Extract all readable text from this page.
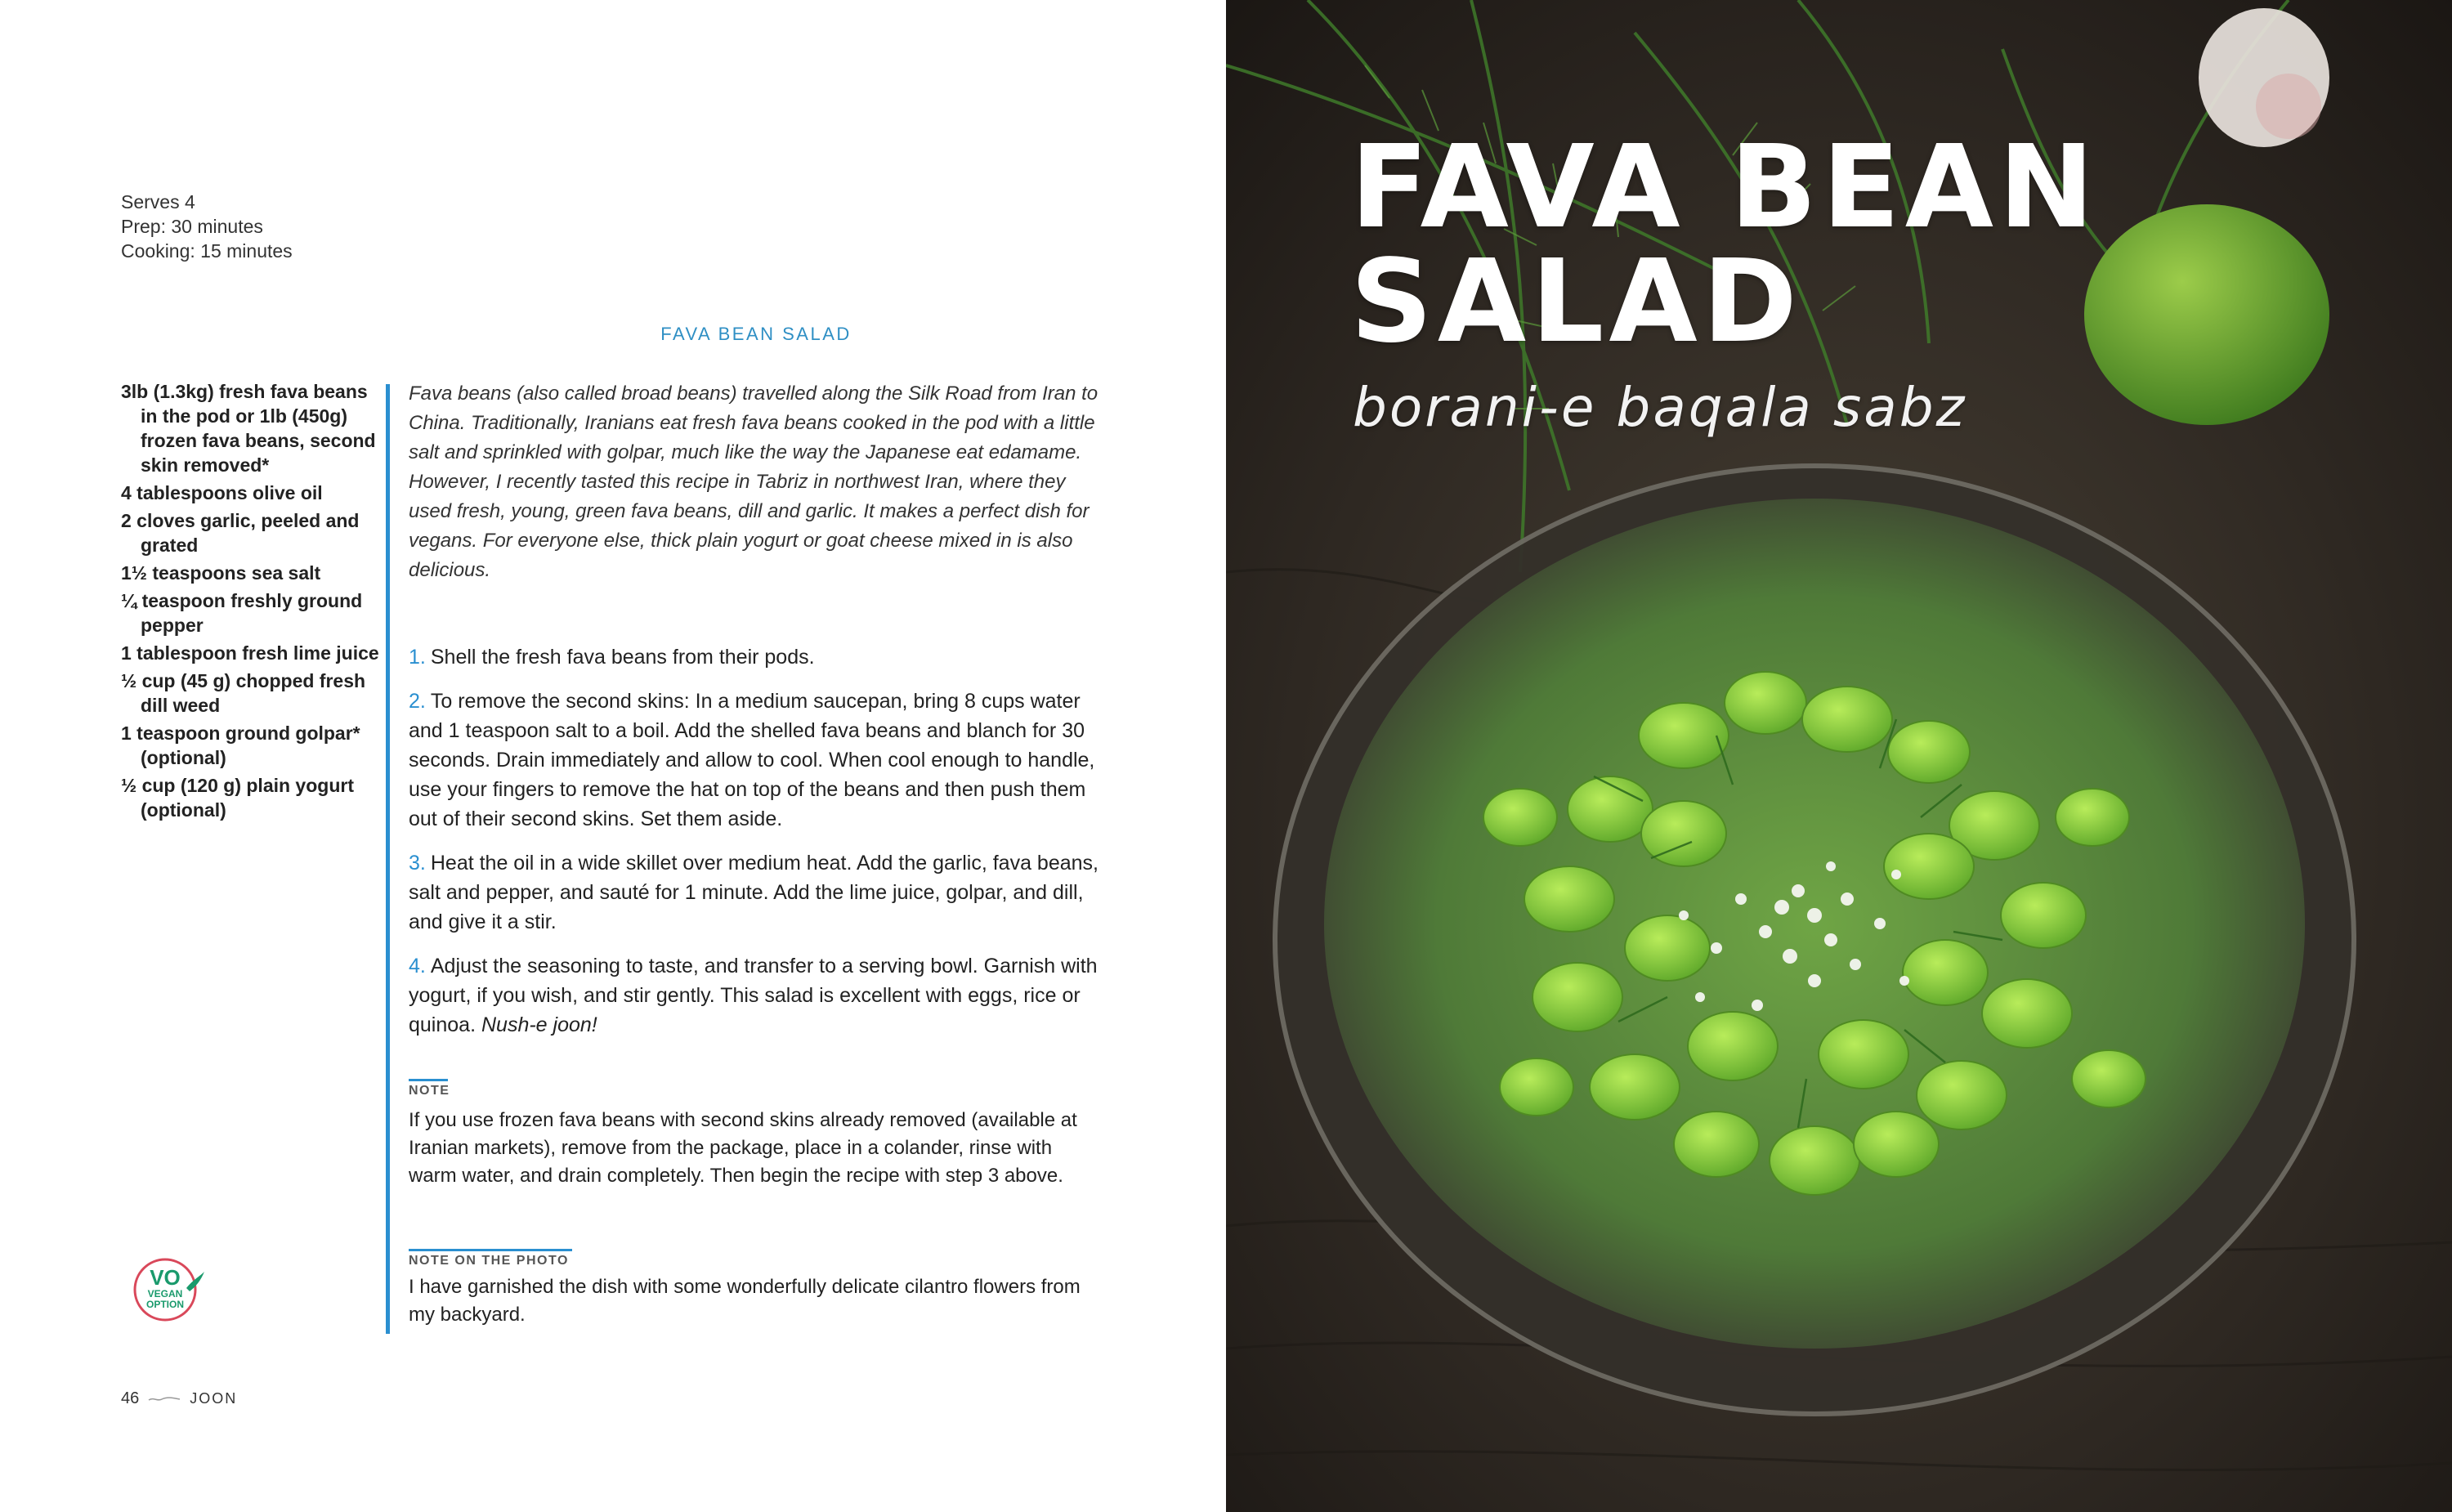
Serves 4
Prep: 30 minutes
Cooking: 15 minutes
FAVA BEAN SALAD
3lb (1.3kg) fresh fava beans in the pod or 1lb (450g) frozen fava beans, second skin removed*
4 tablespoons olive oil
2 cloves garlic, peeled and grated
1½ teaspoons sea salt
¼ teaspoon freshly ground pepper
1 tablespoon fresh lime juice
½ cup (45 g) chopped fresh dill weed
1 teaspoon ground golpar* (optional)
½ cup (120 g) plain yogurt (optional)

Fava beans (also called broad beans) travelled along the Silk Road from Iran to China. Traditionally, Iranians eat fresh fava beans cooked in the pod with a little salt and sprinkled with golpar, much like the way the Japanese eat edamame. However, I recently tasted this recipe in Tabriz in northwest Iran, where they used fresh, young, green fava beans, dill and garlic. It makes a perfect dish for vegans. For everyone else, thick plain yogurt or goat cheese mixed in is also delicious.

1. Shell the fresh fava beans from their pods.
2. To remove the second skins: In a medium saucepan, bring 8 cups water and 1 teaspoon salt to a boil. Add the shelled fava beans and blanch for 30 seconds. Drain immediately and allow to cool. When cool enough to handle, use your fingers to remove the hat on top of the beans and then push them out of their second skins. Set them aside.
3. Heat the oil in a wide skillet over medium heat. Add the garlic, fava beans, salt and pepper, and sauté for 1 minute. Add the lime juice, golpar, and dill, and give it a stir.
4. Adjust the seasoning to taste, and transfer to a serving bowl. Garnish with yogurt, if you wish, and stir gently. This salad is excellent with eggs, rice or quinoa. Nush-e joon!
NOTE

If you use frozen fava beans with second skins already removed (available at Iranian markets), remove from the package, place in a colander, rinse with warm water, and drain completely. Then begin the recipe with step 3 above.

NOTE ON THE PHOTO

I have garnished the dish with some wonderfully delicate cilantro flowers from my backyard.

VO
VEGAN
OPTION
46	JOON
FAVA BEAN
SALAD
borani-e baqala sabz
